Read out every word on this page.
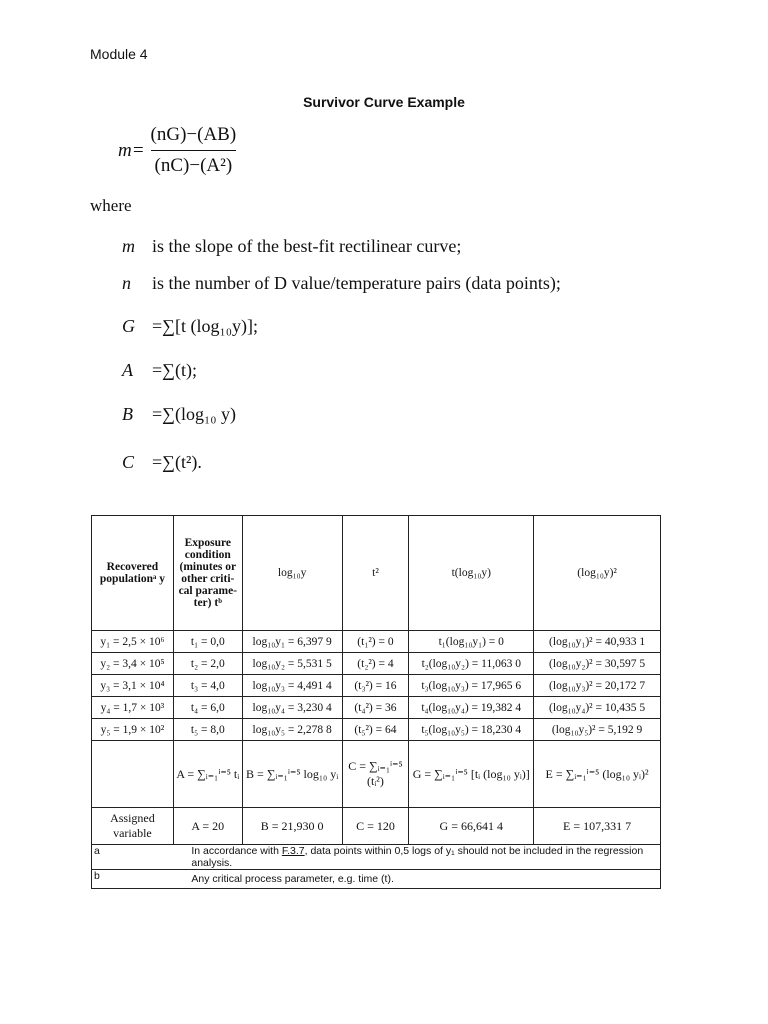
Module 4
Survivor Curve Example
$m= \frac{(nG)-(AB)}{\text{(nC)−(A²)}}$
where
m is the slope of the best-fit rectilinear curve;
n is the number of D value/temperature pairs (data points);
G =∑[t (log₁₀y)];
A =∑(t);
B =∑(log₁₀ y)
C =∑(t²).
Recovered populationᵃ y	Exposure condition (minutes or other criti-cal parame-ter) tᵇ	log₁₀y	t²	t(log₁₀y)	(log₁₀y)²
y₁ = 2,5 × 10⁶	t₁ = 0,0	log₁₀y₁ = 6,397 9	(t₁²) = 0	t₁(log₁₀y₁) = 0	(log₁₀y₁)² = 40,933 1
y₂ = 3,4 × 10⁵	t₂ = 2,0	log₁₀y₂ = 5,531 5	(t₂²) = 4	t₂(log₁₀y₂) = 11,063 0	(log₁₀y₂)² = 30,597 5
y₃ = 3,1 × 10⁴	t₃ = 4,0	log₁₀y₃ = 4,491 4	(t₃²) = 16	t₃(log₁₀y₃) = 17,965 6	(log₁₀y₃)² = 20,172 7
y₄ = 1,7 × 10³	t₄ = 6,0	log₁₀y₄ = 3,230 4	(t₄²) = 36	t₄(log₁₀y₄) = 19,382 4	(log₁₀y₄)² = 10,435 5
y₅ = 1,9 × 10²	t₅ = 8,0	log₁₀y₅ = 2,278 8	(t₅²) = 64	t₅(log₁₀y₅) = 18,230 4	(log₁₀y₅)² = 5,192 9
	A = ∑ᵢ₌₁ⁱ⁼⁵ tᵢ	B = ∑ᵢ₌₁ⁱ⁼⁵ log₁₀ yᵢ	C = ∑ᵢ₌₁ⁱ⁼⁵ (tᵢ²)	G = ∑ᵢ₌₁ⁱ⁼⁵ [tᵢ (log₁₀ yᵢ)]	E = ∑ᵢ₌₁ⁱ⁼⁵ (log₁₀ yᵢ)²
Assigned variable	A = 20	B = 21,930 0	C = 120	G = 66,641 4	E = 107,331 7
a	In accordance with F.3.7, data points within 0,5 logs of y₁ should not be included in the regression analysis.				
b	Any critical process parameter, e.g. time (t).				
